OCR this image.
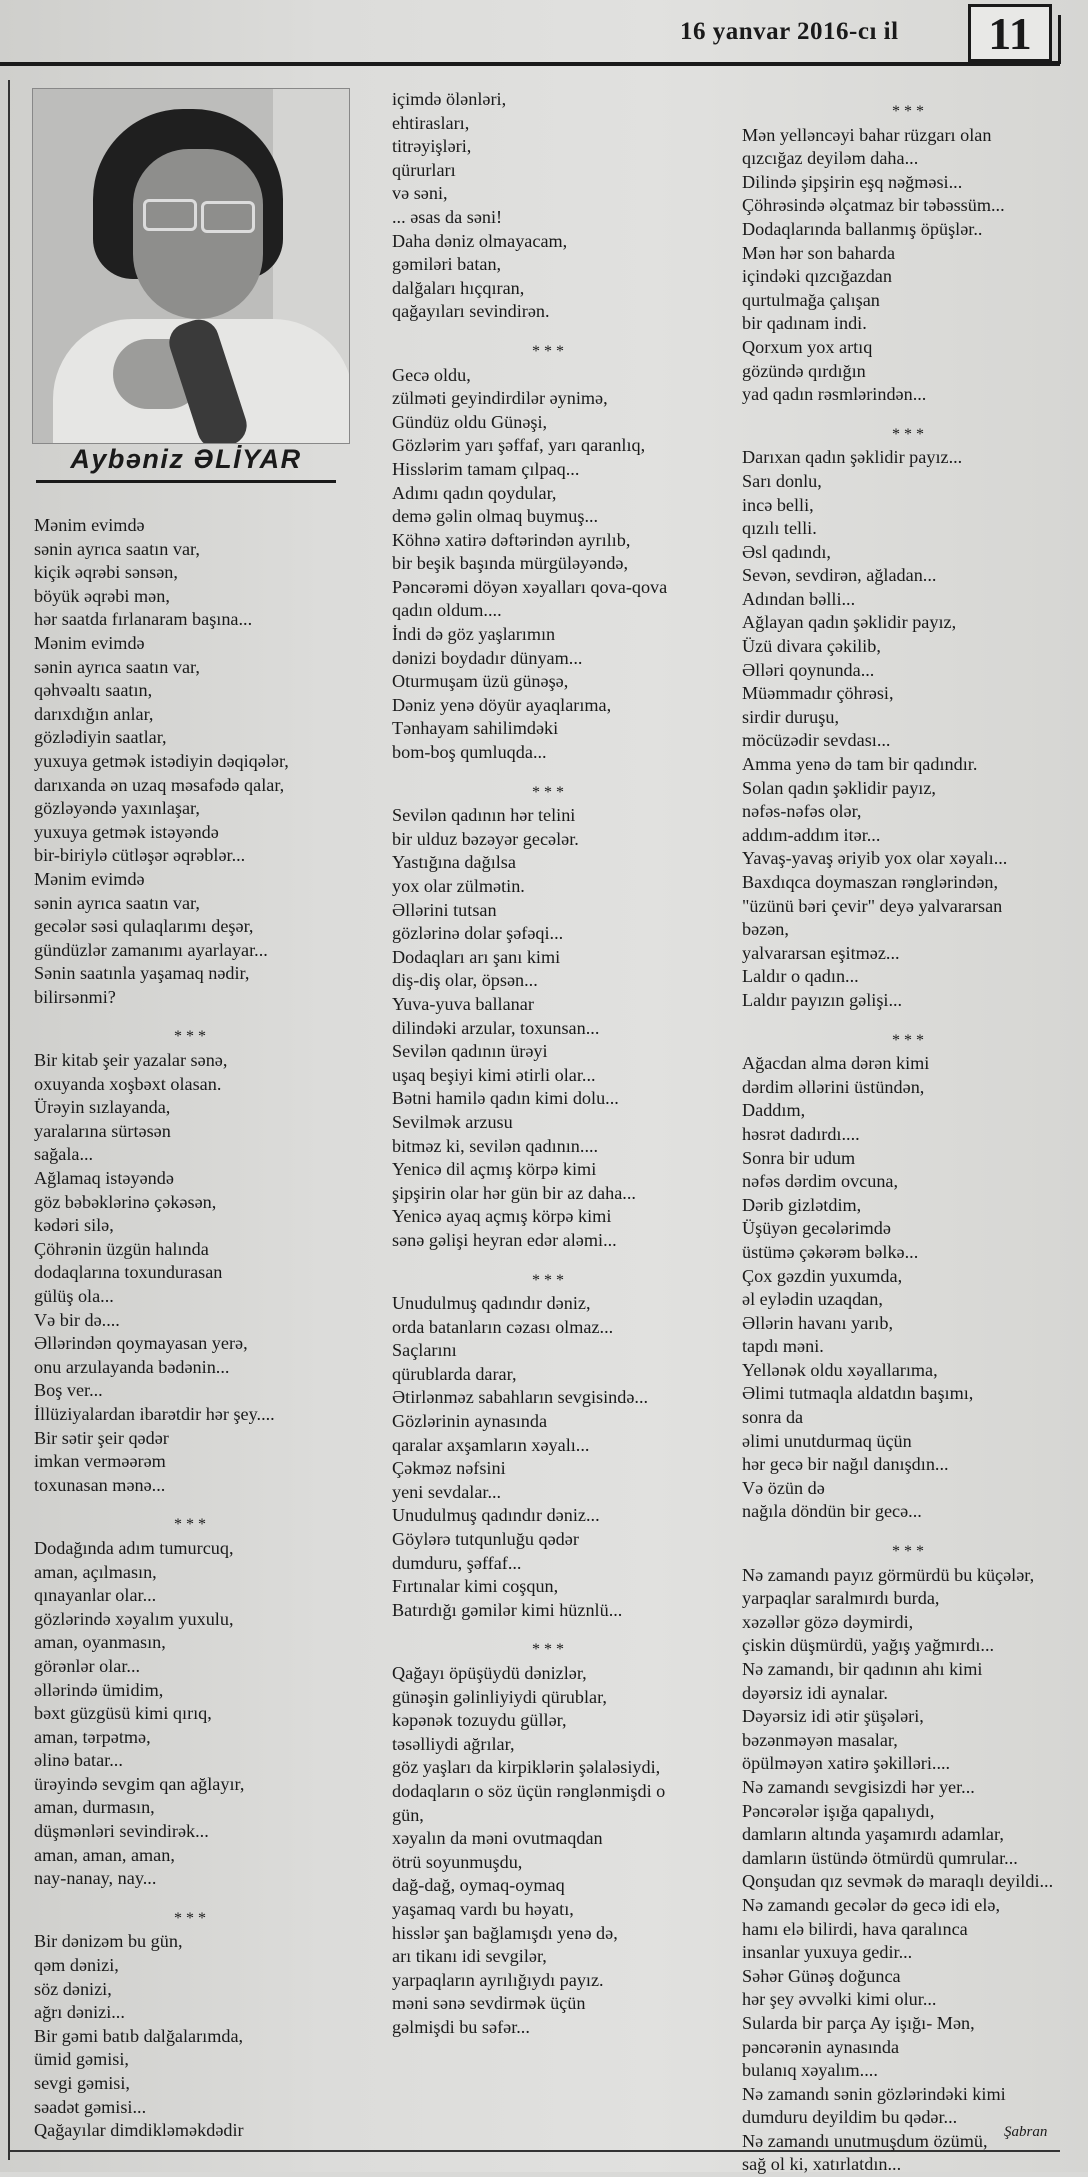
16 yanvar 2016-cı il	11
Aybəniz ƏLİYAR
Mənim evimdə
sənin ayrıca saatın var,
kiçik əqrəbi sənsən,
böyük əqrəbi mən,
hər saatda fırlanaram başına...
Mənim evimdə
sənin ayrıca saatın var,
qəhvəaltı saatın,
darıxdığın anlar,
gözlədiyin saatlar,
yuxuya getmək istədiyin dəqiqələr,
darıxanda ən uzaq məsafədə qalar,
gözləyəndə yaxınlaşar,
yuxuya getmək istəyəndə
bir-biriylə cütləşər əqrəblər...
Mənim evimdə
sənin ayrıca saatın var,
gecələr səsi qulaqlarımı deşər,
gündüzlər zamanımı ayarlayar...
Sənin saatınla yaşamaq nədir,
bilirsənmi?
* * *
Bir kitab şeir yazalar sənə,
oxuyanda xoşbəxt olasan.
Ürəyin sızlayanda,
yaralarına sürtəsən
sağala...
Ağlamaq istəyəndə
göz bəbəklərinə çəkəsən,
kədəri silə,
Çöhrənin üzgün halında
dodaqlarına toxundurasan
gülüş ola...
Və bir də....
Əllərindən qoymayasan yerə,
onu arzulayanda bədənin...
Boş ver...
İllüziyalardan ibarətdir hər şey....
Bir sətir şeir qədər
imkan verməərəm
toxunasan mənə...
* * *
Dodağında adım tumurcuq,
aman, açılmasın,
qınayanlar olar...
gözlərində xəyalım yuxulu,
aman, oyanmasın,
görənlər olar...
əllərində ümidim,
bəxt güzgüsü kimi qırıq,
aman, tərpətmə,
əlinə batar...
ürəyində sevgim qan ağlayır,
aman, durmasın,
düşmənləri sevindirək...
aman, aman, aman,
nay-nanay, nay...
* * *
Bir dənizəm bu gün,
qəm dənizi,
söz dənizi,
ağrı dənizi...
Bir gəmi batıb dalğalarımda,
ümid gəmisi,
sevgi gəmisi,
səadət gəmisi...
Qağayılar dimdikləməkdədir
içimdə ölənləri,
ehtirasları,
titrəyişləri,
qürurları
və səni,
... əsas da səni!
Daha dəniz olmayacam,
gəmiləri batan,
dalğaları hıçqıran,
qağayıları sevindirən.
* * *
Gecə oldu,
zülməti geyindirdilər əynimə,
Gündüz oldu Günəşi,
Gözlərim yarı şəffaf, yarı qaranlıq,
Hisslərim tamam çılpaq...
Adımı qadın qoydular,
demə gəlin olmaq buymuş...
Köhnə xatirə dəftərindən ayrılıb,
bir beşik başında mürgüləyəndə,
Pəncərəmi döyən xəyalları qova-qova
qadın oldum....
İndi də göz yaşlarımın
dənizi boydadır dünyam...
Oturmuşam üzü günəşə,
Dəniz yenə döyür ayaqlarıma,
Tənhayam sahilimdəki
bom-boş qumluqda...
* * *
Sevilən qadının hər telini
bir ulduz bəzəyər gecələr.
Yastığına dağılsa
yox olar zülmətin.
Əllərini tutsan
gözlərinə dolar şəfəqi...
Dodaqları arı şanı kimi
diş-diş olar, öpsən...
Yuva-yuva ballanar
dilindəki arzular, toxunsan...
Sevilən qadının ürəyi
uşaq beşiyi kimi ətirli olar...
Bətni hamilə qadın kimi dolu...
Sevilmək arzusu
bitməz ki, sevilən qadının....
Yenicə dil açmış körpə kimi
şipşirin olar hər gün bir az daha...
Yenicə ayaq açmış körpə kimi
sənə gəlişi heyran edər aləmi...
* * *
Unudulmuş qadındır dəniz,
orda batanların cəzası olmaz...
Saçlarını
qürublarda darar,
Ətirlənməz sabahların sevgisində...
Gözlərinin aynasında
qaralar axşamların xəyalı...
Çəkməz nəfsini
yeni sevdalar...
Unudulmuş qadındır dəniz...
Göylərə tutqunluğu qədər
dumduru, şəffaf...
Fırtınalar kimi coşqun,
Batırdığı gəmilər kimi hüznlü...
* * *
Qağayı öpüşüydü dənizlər,
günəşin gəlinliyiydi qürublar,
kəpənək tozuydu güllər,
təsəlliydi ağrılar,
göz yaşları da kirpiklərin şəlaləsiydi,
dodaqların o söz üçün rənglənmişdi o
gün,
xəyalın da məni ovutmaqdan
ötrü soyunmuşdu,
dağ-dağ, oymaq-oymaq
yaşamaq vardı bu həyatı,
hisslər şan bağlamışdı yenə də,
arı tikanı idi sevgilər,
yarpaqların ayrılığıydı payız.
məni sənə sevdirmək üçün
gəlmişdi bu səfər...
* * *
Mən yelləncəyi bahar rüzgarı olan
qızcığaz deyiləm daha...
Dilində şipşirin eşq nəğməsi...
Çöhrəsində əlçatmaz bir təbəssüm...
Dodaqlarında ballanmış öpüşlər..
Mən hər son baharda
içindəki qızcığazdan
qurtulmağa çalışan
bir qadınam indi.
Qorxum yox artıq
gözündə qırdığın
yad qadın rəsmlərindən...
* * *
Darıxan qadın şəklidir payız...
Sarı donlu,
incə belli,
qızılı telli.
Əsl qadındı,
Sevən, sevdirən, ağladan...
Adından bəlli...
Ağlayan qadın şəklidir payız,
Üzü divara çəkilib,
Əlləri qoynunda...
Müəmmadır çöhrəsi,
sirdir duruşu,
möcüzədir sevdası...
Amma yenə də tam bir qadındır.
Solan qadın şəklidir payız,
nəfəs-nəfəs olər,
addım-addım itər...
Yavaş-yavaş əriyib yox olar xəyalı...
Baxdıqca doymaszan rənglərindən,
"üzünü bəri çevir" deyə yalvararsan
bəzən,
yalvararsan eşitməz...
Laldır o qadın...
Laldır payızın gəlişi...
* * *
Ağacdan alma dərən kimi
dərdim əllərini üstündən,
Daddım,
həsrət dadırdı....
Sonra bir udum
nəfəs dərdim ovcuna,
Dərib gizlətdim,
Üşüyən gecələrimdə
üstümə çəkərəm bəlkə...
Çox gəzdin yuxumda,
əl eylədin uzaqdan,
Əllərin havanı yarıb,
tapdı məni.
Yellənək oldu xəyallarıma,
Əlimi tutmaqla aldatdın başımı,
sonra da
əlimi unutdurmaq üçün
hər gecə bir nağıl danışdın...
Və özün də
nağıla döndün bir gecə...
* * *
Nə zamandı payız görmürdü bu küçələr,
yarpaqlar saralmırdı burda,
xəzəllər gözə dəymirdi,
çiskin düşmürdü, yağış yağmırdı...
Nə zamandı, bir qadının ahı kimi
dəyərsiz idi aynalar.
Dəyərsiz idi ətir şüşələri,
bəzənməyən masalar,
öpülməyən xatirə şəkilləri....
Nə zamandı sevgisizdi hər yer...
Pəncərələr işığa qapalıydı,
damların altında yaşamırdı adamlar,
damların üstündə ötmürdü qumrular...
Qonşudan qız sevmək də maraqlı deyildi...
Nə zamandı gecələr də gecə idi elə,
hamı elə bilirdi, hava qaralınca
insanlar yuxuya gedir...
Səhər Günəş doğunca
hər şey əvvəlki kimi olur...
Sularda bir parça Ay işığı- Mən,
pəncərənin aynasında
bulanıq xəyalım....
Nə zamandı sənin gözlərindəki kimi
dumduru deyildim bu qədər...
Nə zamandı unutmuşdum özümü,
sağ ol ki, xatırlatdın...
Şabran
